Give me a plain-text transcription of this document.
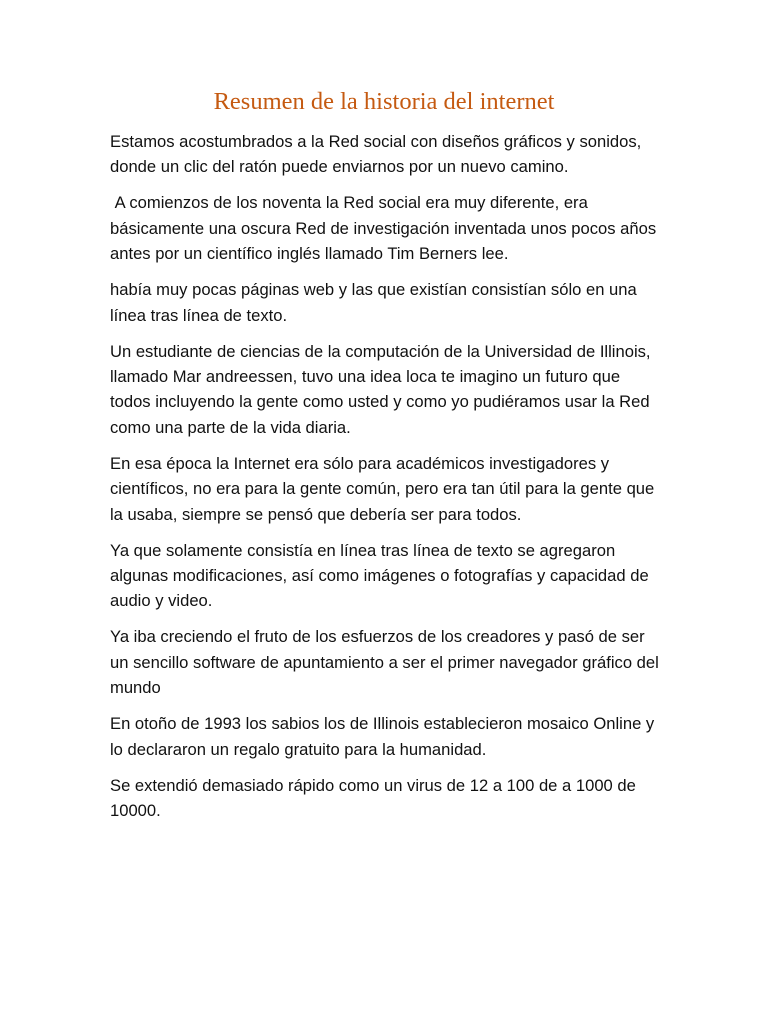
Resumen de la historia del internet

Estamos acostumbrados a la Red social con diseños gráficos y sonidos, donde un clic del ratón puede enviarnos por un nuevo camino.

A comienzos de los noventa la Red social era muy diferente, era básicamente una oscura Red de investigación inventada unos pocos años antes por un científico inglés llamado Tim Berners lee.

había muy pocas páginas web y las que existían consistían sólo en una línea tras línea de texto.

Un estudiante de ciencias de la computación de la Universidad de Illinois, llamado Mar andreessen, tuvo una idea loca te imagino un futuro que todos incluyendo la gente como usted y como yo pudiéramos usar la Red como una parte de la vida diaria.

En esa época la Internet era sólo para académicos investigadores y científicos, no era para la gente común, pero era tan útil para la gente que la usaba, siempre se pensó que debería ser para todos.

Ya que solamente consistía en línea tras línea de texto se agregaron algunas modificaciones, así como imágenes o fotografías y capacidad de audio y video.

Ya iba creciendo el fruto de los esfuerzos de los creadores y pasó de ser un sencillo software de apuntamiento a ser el primer navegador gráfico del mundo

En otoño de 1993 los sabios los de Illinois establecieron mosaico Online y lo declararon un regalo gratuito para la humanidad.

Se extendió demasiado rápido como un virus de 12 a 100 de a 1000 de 10000.
